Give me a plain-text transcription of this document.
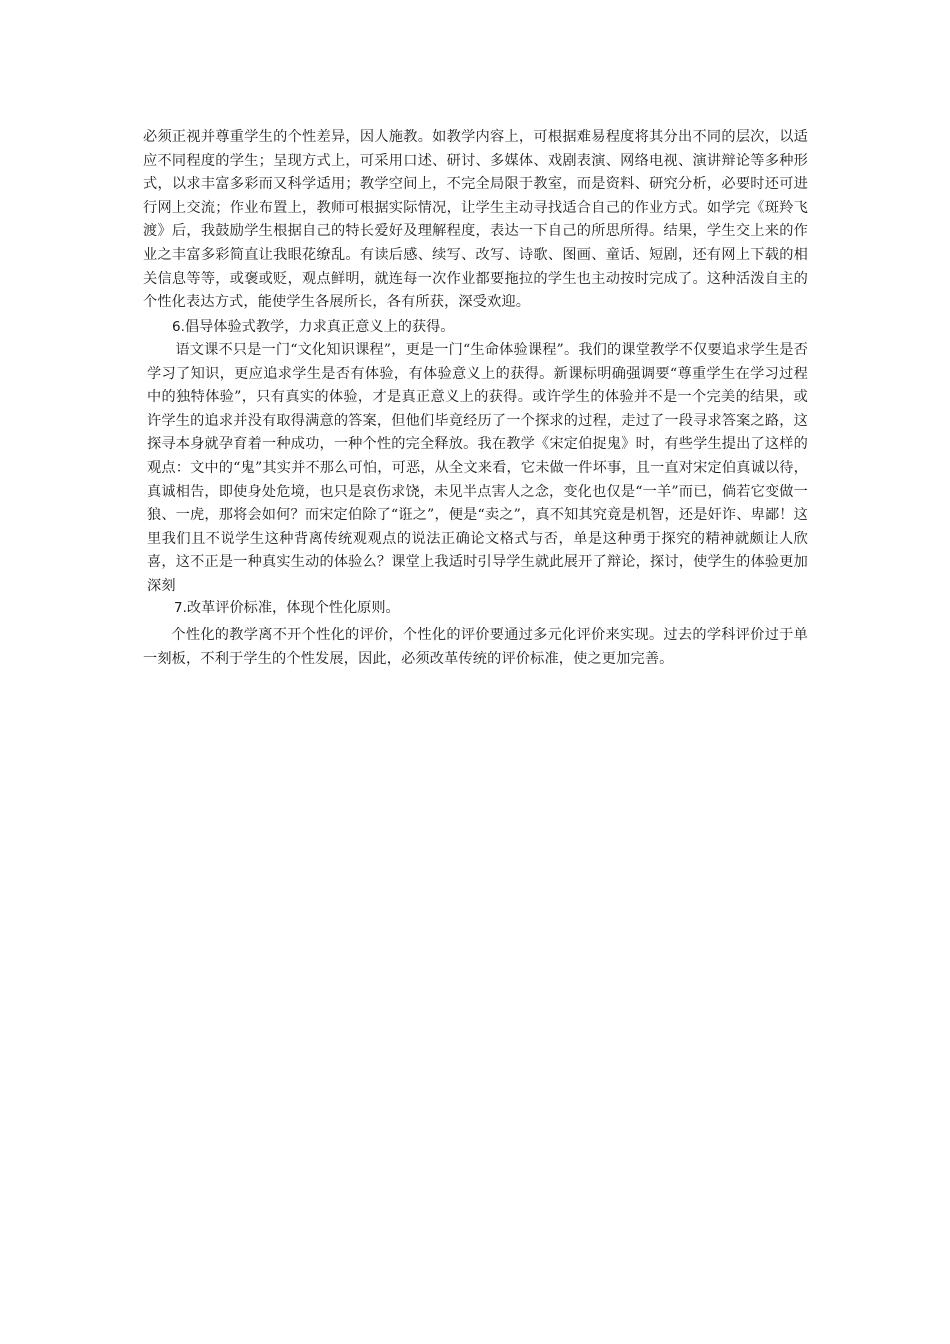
必须正视并尊重学生的个性差异，因人施教。如教学内容上，可根据难易程度将其分出不同的层次，以适应不同程度的学生；呈现方式上，可采用口述、研讨、多媒体、戏剧表演、网络电视、演讲辩论等多种形式，以求丰富多彩而又科学适用；教学空间上，不完全局限于教室，而是资料、研究分析，必要时还可进行网上交流；作业布置上，教师可根据实际情况，让学生主动寻找适合自己的作业方式。如学完《斑羚飞渡》后，我鼓励学生根据自己的特长爱好及理解程度，表达一下自己的所思所得。结果，学生交上来的作业之丰富多彩简直让我眼花缭乱。有读后感、续写、改写、诗歌、图画、童话、短剧，还有网上下载的相关信息等等，或褒或贬，观点鲜明，就连每一次作业都要拖拉的学生也主动按时完成了。这种活泼自主的个性化表达方式，能使学生各展所长，各有所获，深受欢迎。

6.倡导体验式教学，力求真正意义上的获得。

语文课不只是一门“文化知识课程”，更是一门“生命体验课程”。我们的课堂教学不仅要追求学生是否学习了知识，更应追求学生是否有体验，有体验意义上的获得。新课标明确强调要“尊重学生在学习过程中的独特体验”，只有真实的体验，才是真正意义上的获得。或许学生的体验并不是一个完美的结果，或许学生的追求并没有取得满意的答案，但他们毕竟经历了一个探求的过程，走过了一段寻求答案之路，这探寻本身就孕育着一种成功，一种个性的完全释放。我在教学《宋定伯捉鬼》时，有些学生提出了这样的观点：文中的“鬼”其实并不那么可怕，可恶，从全文来看，它未做一件坏事，且一直对宋定伯真诚以待，真诚相告，即使身处危境，也只是哀伤求饶，未见半点害人之念，变化也仅是“一羊”而已，倘若它变做一狼、一虎，那将会如何？而宋定伯除了“诳之”，便是“卖之”，真不知其究竟是机智，还是奸诈、卑鄙！这里我们且不说学生这种背离传统观观点的说法正确论文格式与否，单是这种勇于探究的精神就颇让人欣喜，这不正是一种真实生动的体验么？课堂上我适时引导学生就此展开了辩论，探讨，使学生的体验更加深刻

7.改革评价标准，体现个性化原则。

个性化的教学离不开个性化的评价，个性化的评价要通过多元化评价来实现。过去的学科评价过于单一刻板，不利于学生的个性发展，因此，必须改革传统的评价标准，使之更加完善。
